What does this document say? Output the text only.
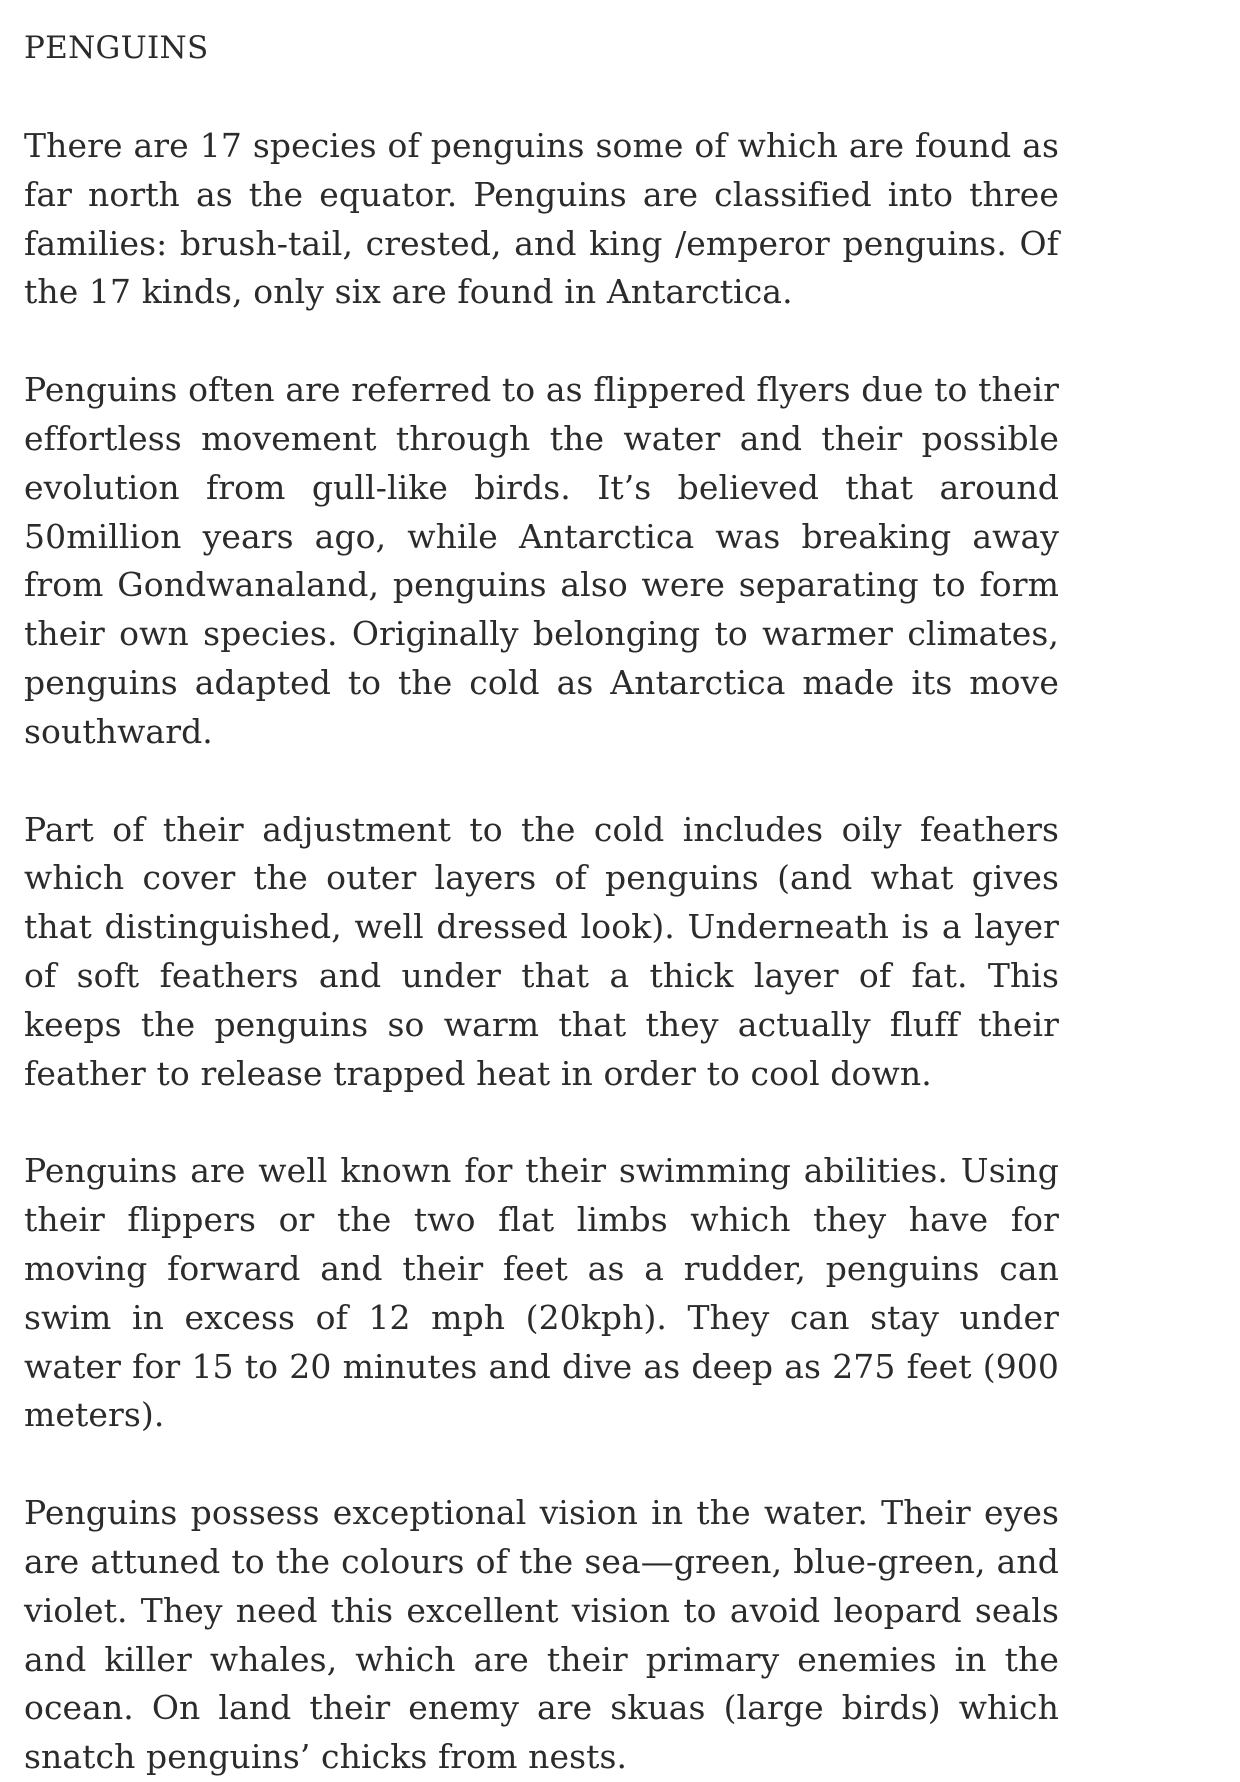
PENGUINS

There are 17 species of penguins some of which are found as far north as the equator. Penguins are classified into three families: brush-tail, crested, and king /emperor penguins. Of the 17 kinds, only six are found in Antarctica.

Penguins often are referred to as flippered flyers due to their effortless movement through the water and their possible evolution from gull-like birds. It’s believed that around 50million years ago, while Antarctica was breaking away from Gondwanaland, penguins also were separating to form their own species. Originally belonging to warmer climates, penguins adapted to the cold as Antarctica made its move southward.

Part of their adjustment to the cold includes oily feathers which cover the outer layers of penguins (and what gives that distinguished, well dressed look). Underneath is a layer of soft feathers and under that a thick layer of fat. This keeps the penguins so warm that they actually fluff their feather to release trapped heat in order to cool down.

Penguins are well known for their swimming abilities. Using their flippers or the two flat limbs which they have for moving forward and their feet as a rudder, penguins can swim in excess of 12 mph (20kph). They can stay under water for 15 to 20 minutes and dive as deep as 275 feet (900 meters).

Penguins possess exceptional vision in the water. Their eyes are attuned to the colours of the sea—green, blue-green, and violet. They need this excellent vision to avoid leopard seals and killer whales, which are their primary enemies in the ocean. On land their enemy are skuas (large birds) which snatch penguins’ chicks from nests.
